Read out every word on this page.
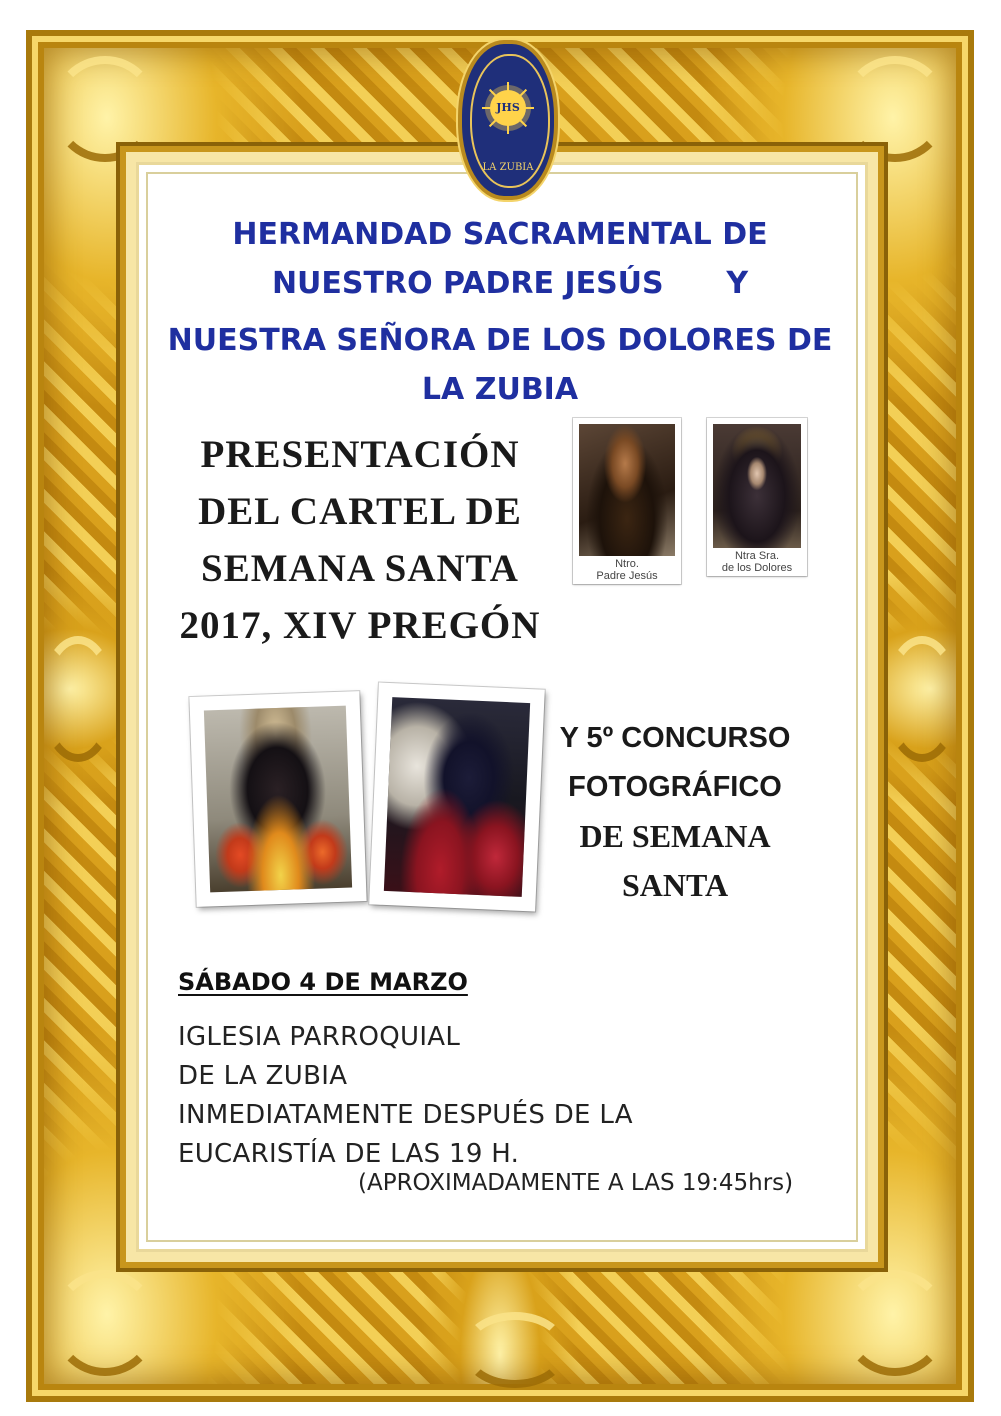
JHS
LA ZUBIA
HERMANDAD SACRAMENTAL DE
NUESTRO PADRE JESÚS      Y
NUESTRA SEÑORA DE LOS DOLORES DE
LA ZUBIA
PRESENTACIÓN
DEL CARTEL DE
SEMANA SANTA
2017, XIV PREGÓN
Ntro.
Padre Jesús
Ntra Sra.
de los Dolores
Y 5º CONCURSO
FOTOGRÁFICO
DE SEMANA
SANTA
SÁBADO 4 DE MARZO
IGLESIA PARROQUIAL
DE LA ZUBIA
INMEDIATAMENTE DESPUÉS DE LA
EUCARISTÍA DE LAS 19 H.
(APROXIMADAMENTE A LAS 19:45hrs)
